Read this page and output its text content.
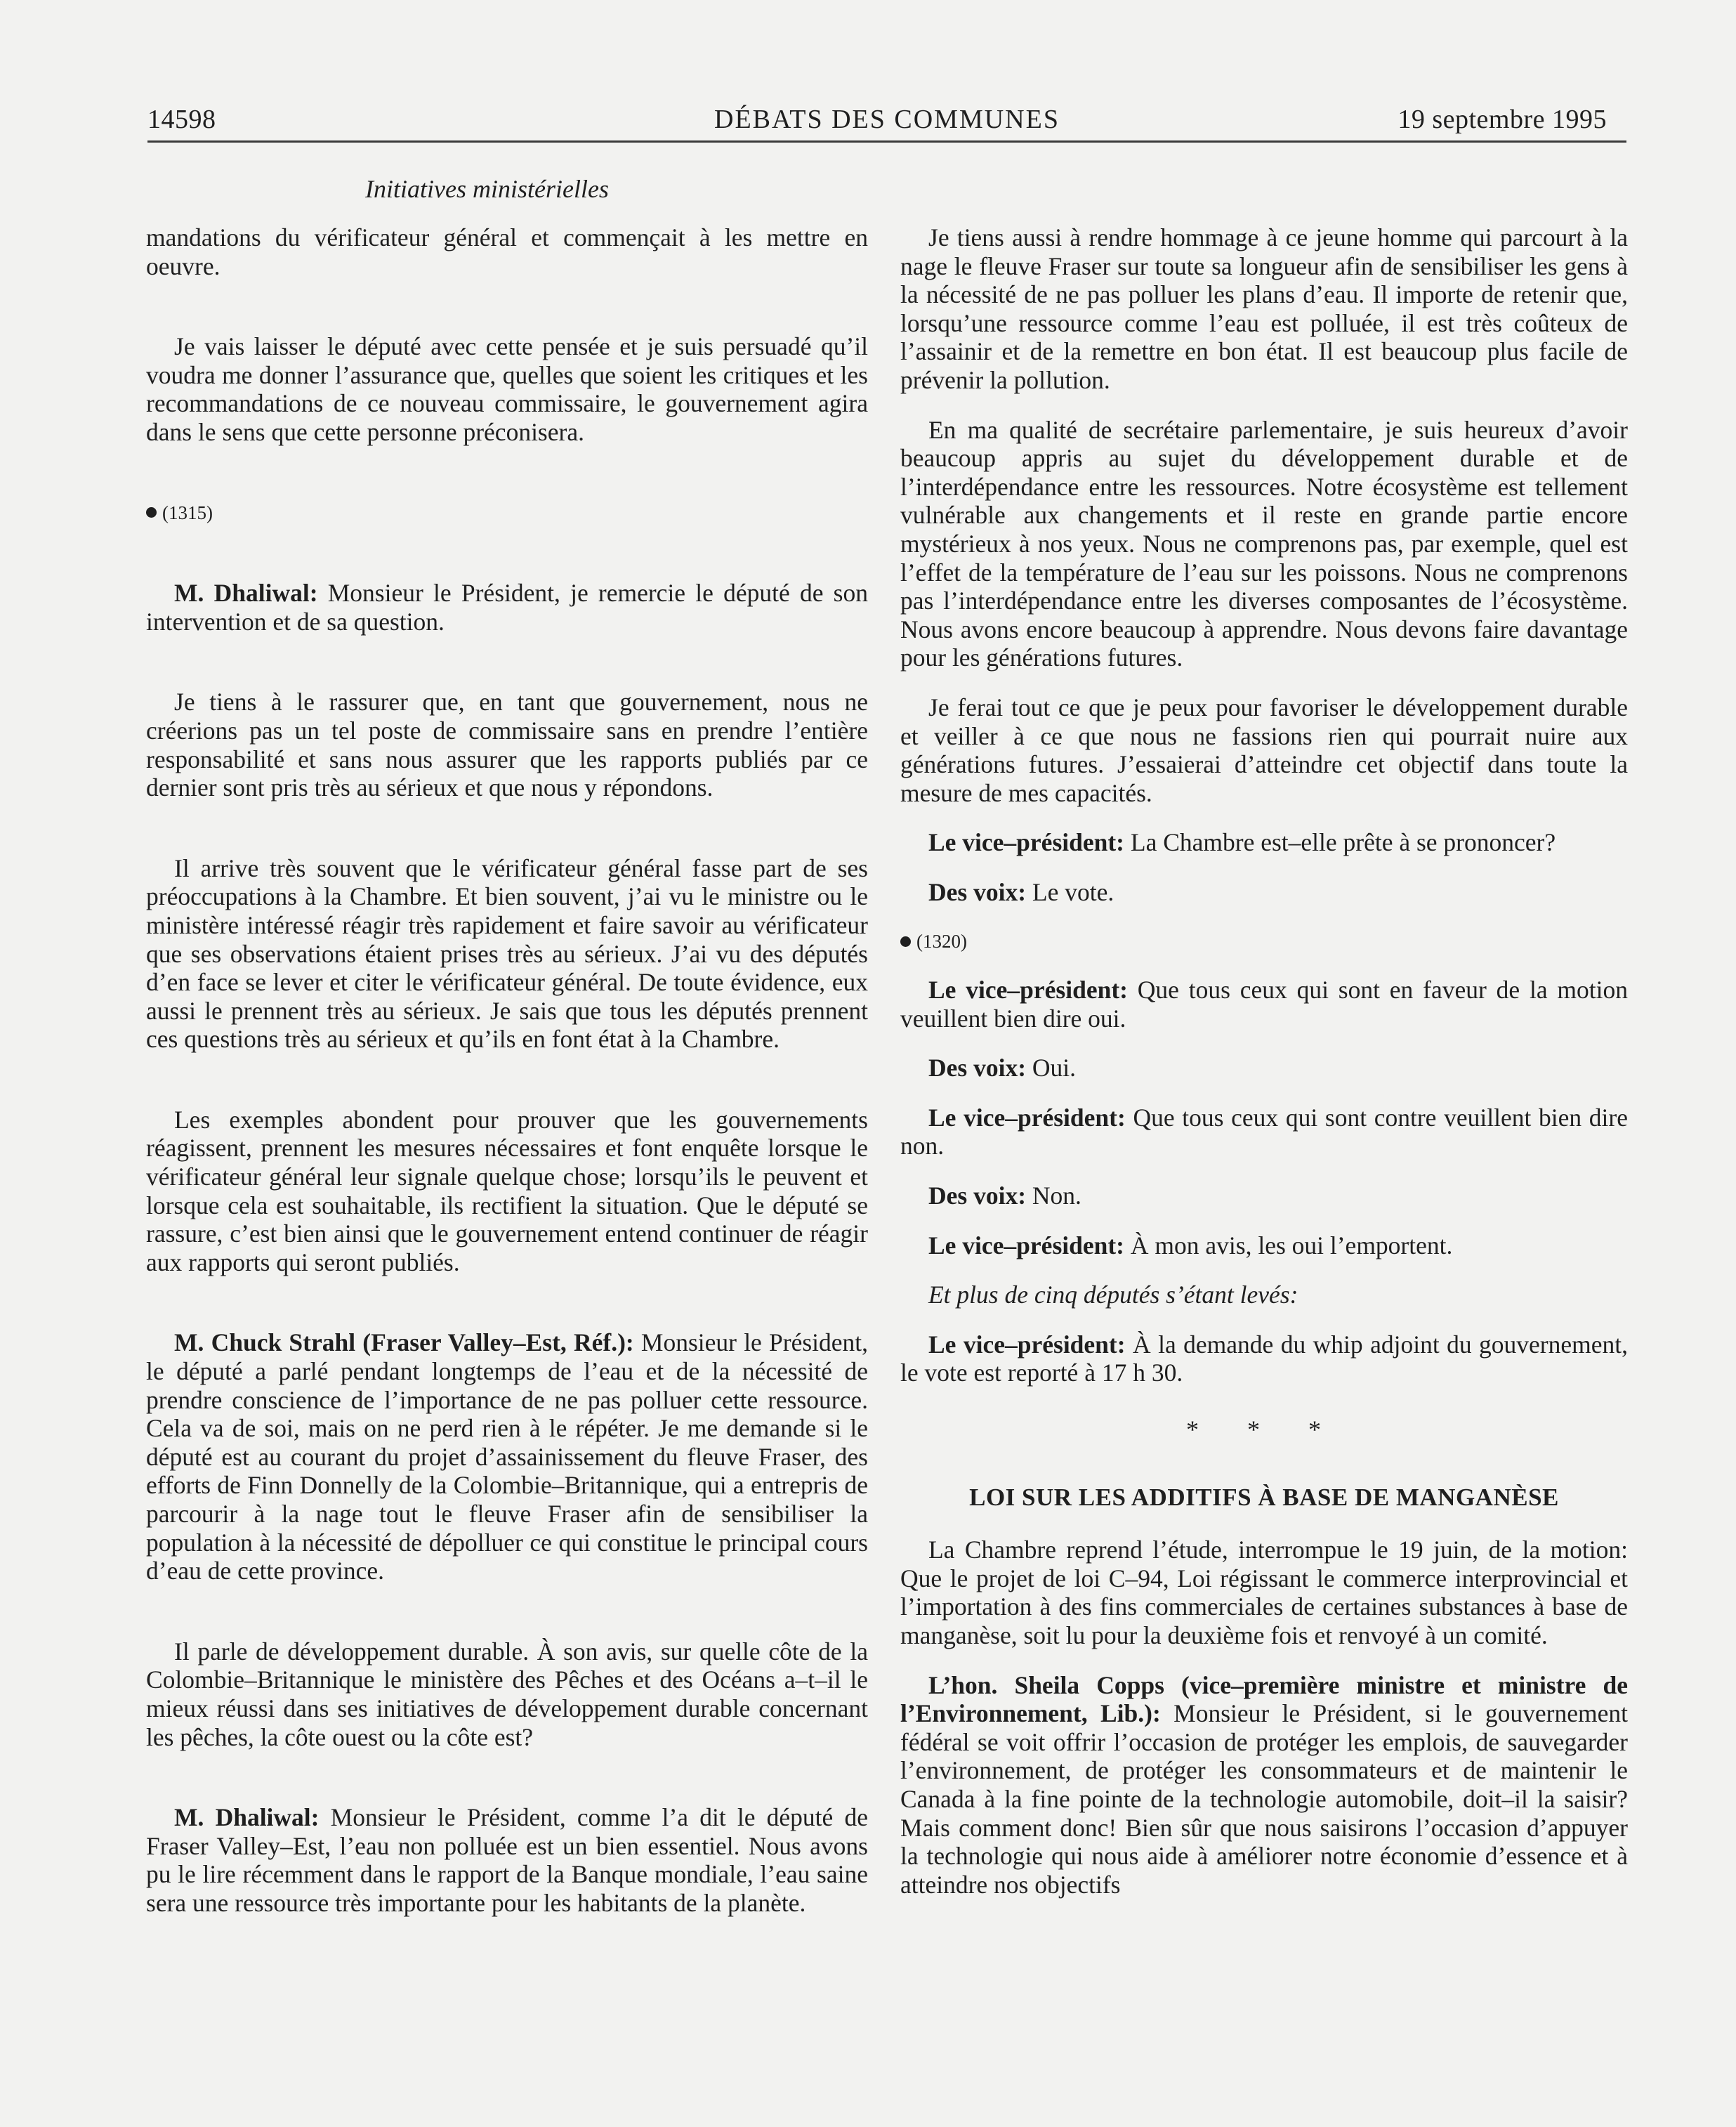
14598	DÉBATS DES COMMUNES	19 septembre 1995
Initiatives ministérielles

mandations du vérificateur général et commençait à les mettre en oeuvre.

Je vais laisser le député avec cette pensée et je suis persuadé qu’il voudra me donner l’assurance que, quelles que soient les critiques et les recommandations de ce nouveau commissaire, le gouvernement agira dans le sens que cette personne préconisera.

(1315)

M. Dhaliwal: Monsieur le Président, je remercie le député de son intervention et de sa question.

Je tiens à le rassurer que, en tant que gouvernement, nous ne créerions pas un tel poste de commissaire sans en prendre l’entière responsabilité et sans nous assurer que les rapports publiés par ce dernier sont pris très au sérieux et que nous y répondons.

Il arrive très souvent que le vérificateur général fasse part de ses préoccupations à la Chambre. Et bien souvent, j’ai vu le ministre ou le ministère intéressé réagir très rapidement et faire savoir au vérificateur que ses observations étaient prises très au sérieux. J’ai vu des députés d’en face se lever et citer le vérificateur général. De toute évidence, eux aussi le prennent très au sérieux. Je sais que tous les députés prennent ces questions très au sérieux et qu’ils en font état à la Chambre.

Les exemples abondent pour prouver que les gouvernements réagissent, prennent les mesures nécessaires et font enquête lorsque le vérificateur général leur signale quelque chose; lorsqu’ils le peuvent et lorsque cela est souhaitable, ils rectifient la situation. Que le député se rassure, c’est bien ainsi que le gouvernement entend continuer de réagir aux rapports qui seront publiés.

M. Chuck Strahl (Fraser Valley–Est, Réf.): Monsieur le Président, le député a parlé pendant longtemps de l’eau et de la nécessité de prendre conscience de l’importance de ne pas polluer cette ressource. Cela va de soi, mais on ne perd rien à le répéter. Je me demande si le député est au courant du projet d’assainissement du fleuve Fraser, des efforts de Finn Donnelly de la Colombie–Britannique, qui a entrepris de parcourir à la nage tout le fleuve Fraser afin de sensibiliser la population à la nécessité de dépolluer ce qui constitue le principal cours d’eau de cette province.

Il parle de développement durable. À son avis, sur quelle côte de la Colombie–Britannique le ministère des Pêches et des Océans a–t–il le mieux réussi dans ses initiatives de développement durable concernant les pêches, la côte ouest ou la côte est?

M. Dhaliwal: Monsieur le Président, comme l’a dit le député de Fraser Valley–Est, l’eau non polluée est un bien essentiel. Nous avons pu le lire récemment dans le rapport de la Banque mondiale, l’eau saine sera une ressource très importante pour les habitants de la planète.

Je tiens aussi à rendre hommage à ce jeune homme qui parcourt à la nage le fleuve Fraser sur toute sa longueur afin de sensibiliser les gens à la nécessité de ne pas polluer les plans d’eau. Il importe de retenir que, lorsqu’une ressource comme l’eau est polluée, il est très coûteux de l’assainir et de la remettre en bon état. Il est beaucoup plus facile de prévenir la pollution.

En ma qualité de secrétaire parlementaire, je suis heureux d’avoir beaucoup appris au sujet du développement durable et de l’interdépendance entre les ressources. Notre écosystème est tellement vulnérable aux changements et il reste en grande partie encore mystérieux à nos yeux. Nous ne comprenons pas, par exemple, quel est l’effet de la température de l’eau sur les poissons. Nous ne comprenons pas l’interdépendance entre les diverses composantes de l’écosystème. Nous avons encore beaucoup à apprendre. Nous devons faire davantage pour les générations futures.

Je ferai tout ce que je peux pour favoriser le développement durable et veiller à ce que nous ne fassions rien qui pourrait nuire aux générations futures. J’essaierai d’atteindre cet objectif dans toute la mesure de mes capacités.

Le vice–président: La Chambre est–elle prête à se prononcer?

Des voix: Le vote.

(1320)

Le vice–président: Que tous ceux qui sont en faveur de la motion veuillent bien dire oui.

Des voix: Oui.

Le vice–président: Que tous ceux qui sont contre veuillent bien dire non.

Des voix: Non.

Le vice–président: À mon avis, les oui l’emportent.

Et plus de cinq députés s’étant levés:

Le vice–président: À la demande du whip adjoint du gouvernement, le vote est reporté à 17 h 30.

* * *

LOI SUR LES ADDITIFS À BASE DE MANGANÈSE

La Chambre reprend l’étude, interrompue le 19 juin, de la motion: Que le projet de loi C–94, Loi régissant le commerce interprovincial et l’importation à des fins commerciales de certaines substances à base de manganèse, soit lu pour la deuxième fois et renvoyé à un comité.

L’hon. Sheila Copps (vice–première ministre et ministre de l’Environnement, Lib.): Monsieur le Président, si le gouvernement fédéral se voit offrir l’occasion de protéger les emplois, de sauvegarder l’environnement, de protéger les consommateurs et de maintenir le Canada à la fine pointe de la technologie automobile, doit–il la saisir? Mais comment donc! Bien sûr que nous saisirons l’occasion d’appuyer la technologie qui nous aide à améliorer notre économie d’essence et à atteindre nos objectifs
